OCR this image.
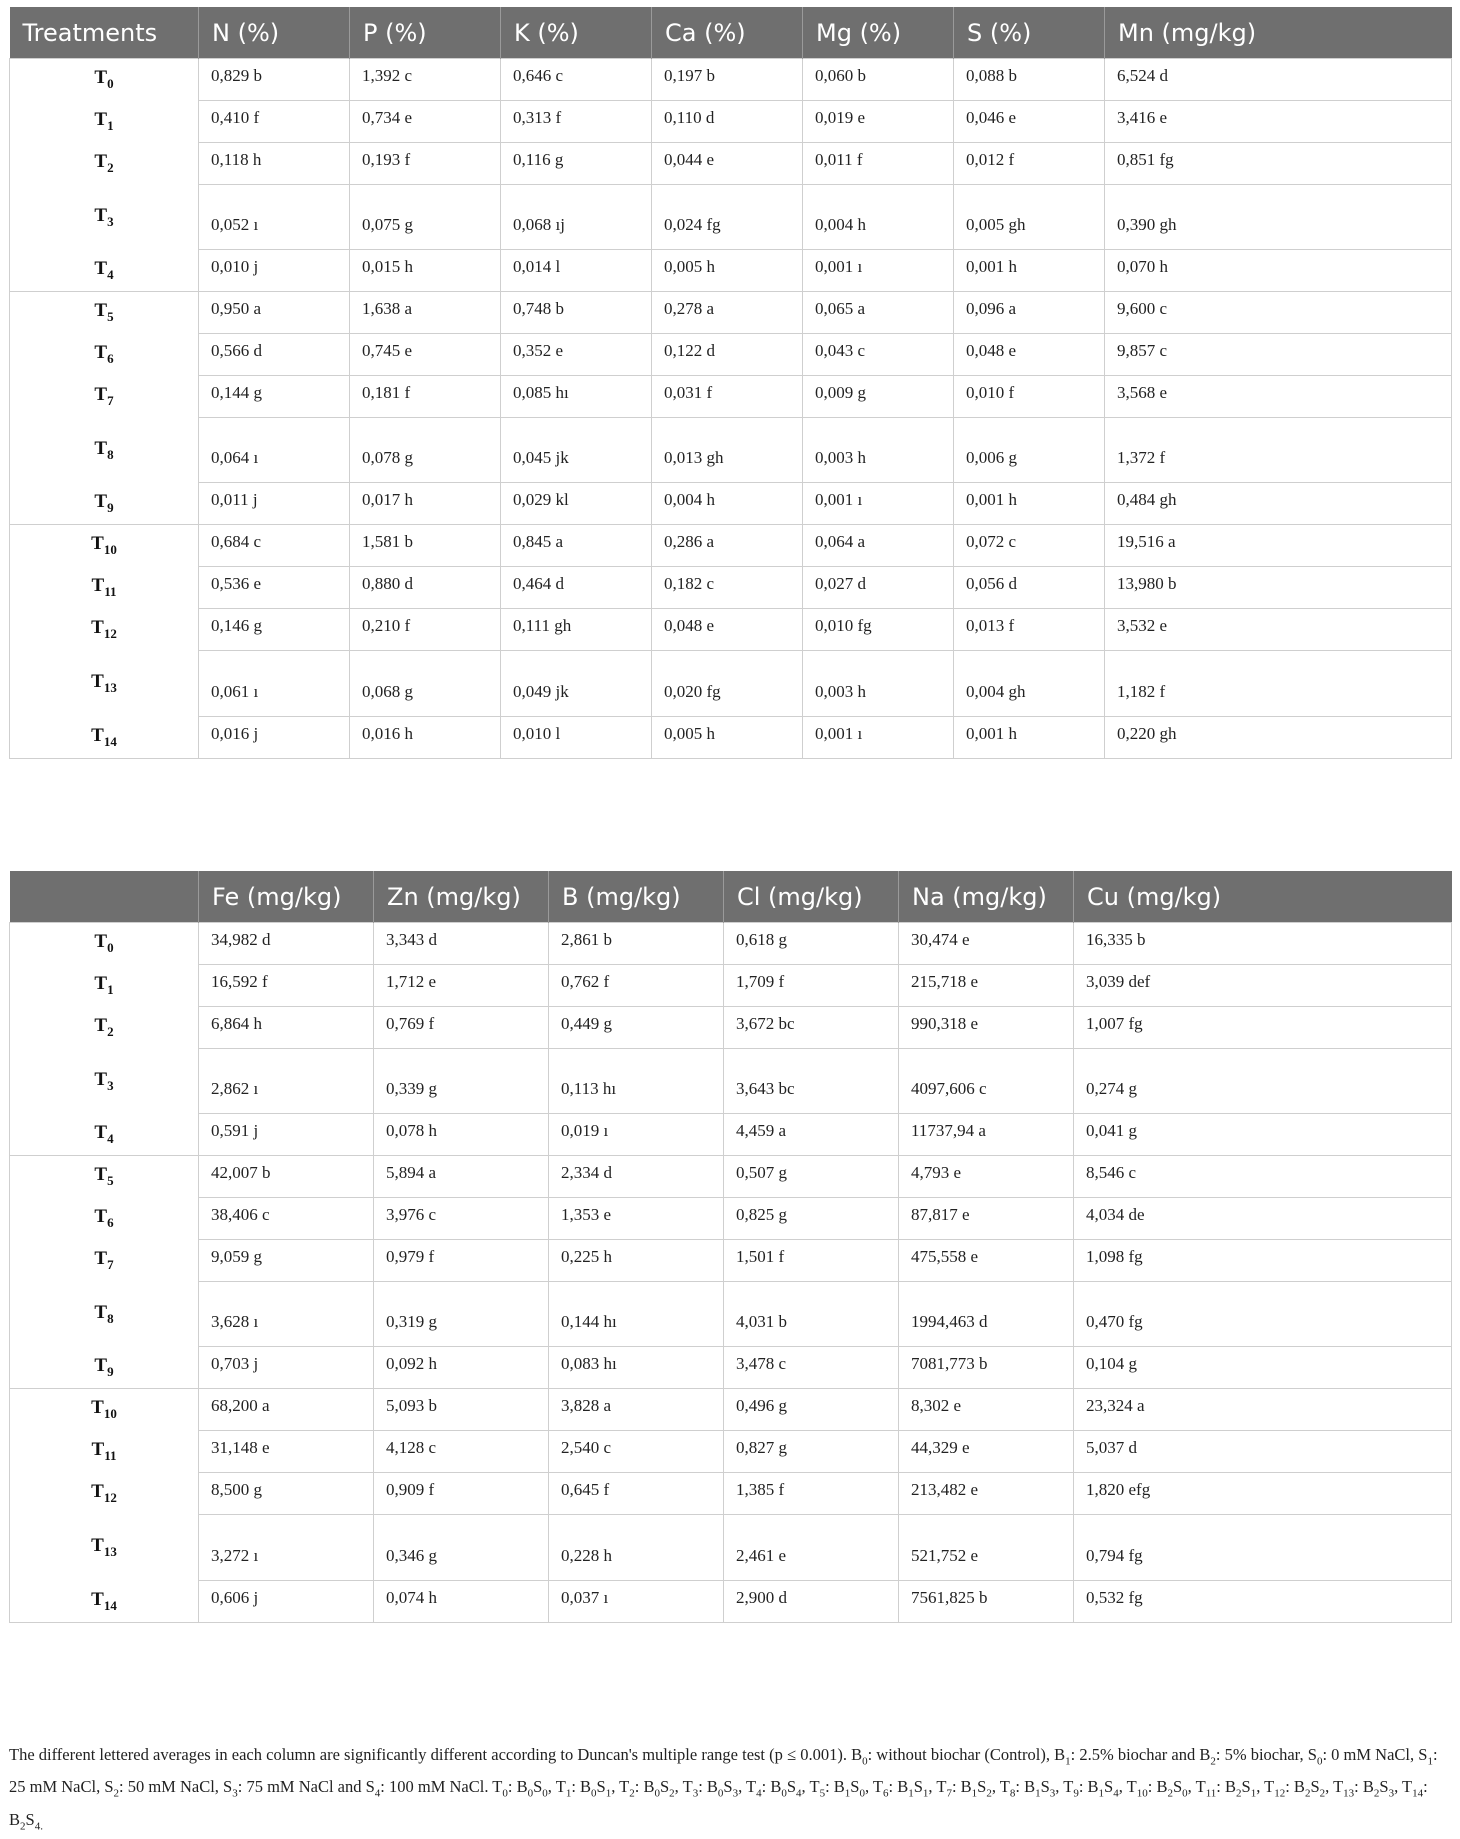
Treatments	N (%)	P (%)	K (%)	Ca (%)	Mg (%)	S (%)	Mn (mg/kg)
$T_0$	0,829 b	1,392 c	0,646 c	0,197 b	0,060 b	0,088 b	6,524 d
$T_1$	0,410 f	0,734 e	0,313 f	0,110 d	0,019 e	0,046 e	3,416 e
$T_2$	0,118 h	0,193 f	0,116 g	0,044 e	0,011 f	0,012 f	0,851 fg
$T_3$	0,052 ı	0,075 g	0,068 ıj	0,024 fg	0,004 h	0,005 gh	0,390 gh
$T_4$	0,010 j	0,015 h	0,014 l	0,005 h	0,001 ı	0,001 h	0,070 h
$T_5$	0,950 a	1,638 a	0,748 b	0,278 a	0,065 a	0,096 a	9,600 c
$T_6$	0,566 d	0,745 e	0,352 e	0,122 d	0,043 c	0,048 e	9,857 c
$T_7$	0,144 g	0,181 f	0,085 hı	0,031 f	0,009 g	0,010 f	3,568 e
$T_8$	0,064 ı	0,078 g	0,045 jk	0,013 gh	0,003 h	0,006 g	1,372 f
$T_9$	0,011 j	0,017 h	0,029 kl	0,004 h	0,001 ı	0,001 h	0,484 gh
$T_{10}$	0,684 c	1,581 b	0,845 a	0,286 a	0,064 a	0,072 c	19,516 a
$T_{11}$	0,536 e	0,880 d	0,464 d	0,182 c	0,027 d	0,056 d	13,980 b
$T_{12}$	0,146 g	0,210 f	0,111 gh	0,048 e	0,010 fg	0,013 f	3,532 e
$T_{13}$	0,061 ı	0,068 g	0,049 jk	0,020 fg	0,003 h	0,004 gh	1,182 f
$T_{14}$	0,016 j	0,016 h	0,010 l	0,005 h	0,001 ı	0,001 h	0,220 gh
	Fe (mg/kg)	Zn (mg/kg)	B (mg/kg)	Cl (mg/kg)	Na (mg/kg)	Cu (mg/kg)
$T_0$	34,982 d	3,343 d	2,861 b	0,618 g	30,474 e	16,335 b
$T_1$	16,592 f	1,712 e	0,762 f	1,709 f	215,718 e	3,039 def
$T_2$	6,864 h	0,769 f	0,449 g	3,672 bc	990,318 e	1,007 fg
$T_3$	2,862 ı	0,339 g	0,113 hı	3,643 bc	4097,606 c	0,274 g
$T_4$	0,591 j	0,078 h	0,019 ı	4,459 a	11737,94 a	0,041 g
$T_5$	42,007 b	5,894 a	2,334 d	0,507 g	4,793 e	8,546 c
$T_6$	38,406 c	3,976 c	1,353 e	0,825 g	87,817 e	4,034 de
$T_7$	9,059 g	0,979 f	0,225 h	1,501 f	475,558 e	1,098 fg
$T_8$	3,628 ı	0,319 g	0,144 hı	4,031 b	1994,463 d	0,470 fg
$T_9$	0,703 j	0,092 h	0,083 hı	3,478 c	7081,773 b	0,104 g
$T_{10}$	68,200 a	5,093 b	3,828 a	0,496 g	8,302 e	23,324 a
$T_{11}$	31,148 e	4,128 c	2,540 c	0,827 g	44,329 e	5,037 d
$T_{12}$	8,500 g	0,909 f	0,645 f	1,385 f	213,482 e	1,820 efg
$T_{13}$	3,272 ı	0,346 g	0,228 h	2,461 e	521,752 e	0,794 fg
$T_{14}$	0,606 j	0,074 h	0,037 ı	2,900 d	7561,825 b	0,532 fg
The different lettered averages in each column are significantly different according to Duncan's multiple range test (p ≤ 0.001). $B_0$: without biochar (Control), $B_1$: 2.5% biochar and $B_2$: 5% biochar, $S_0$: 0 mM NaCl, $S_1$: 25 mM NaCl, $S_2$: 50 mM NaCl, $S_3$: 75 mM NaCl and $S_4$: 100 mM NaCl. $T_0$: $B_0S_0$, $T_1$: $B_0S_1$, $T_2$: $B_0S_2$, $T_3$: $B_0S_3$, $T_4$: $B_0S_4$, $T_5$: $B_1S_0$, $T_6$: $B_1S_1$, $T_7$: $B_1S_2$, $T_8$: $B_1S_3$, $T_9$: $B_1S_4$, $T_{10}$: $B_2S_0$, $T_{11}$: $B_2S_1$, $T_{12}$: $B_2S_2$, $T_{13}$: $B_2S_3$, $T_{14}$: $B_2S_{4.}$
